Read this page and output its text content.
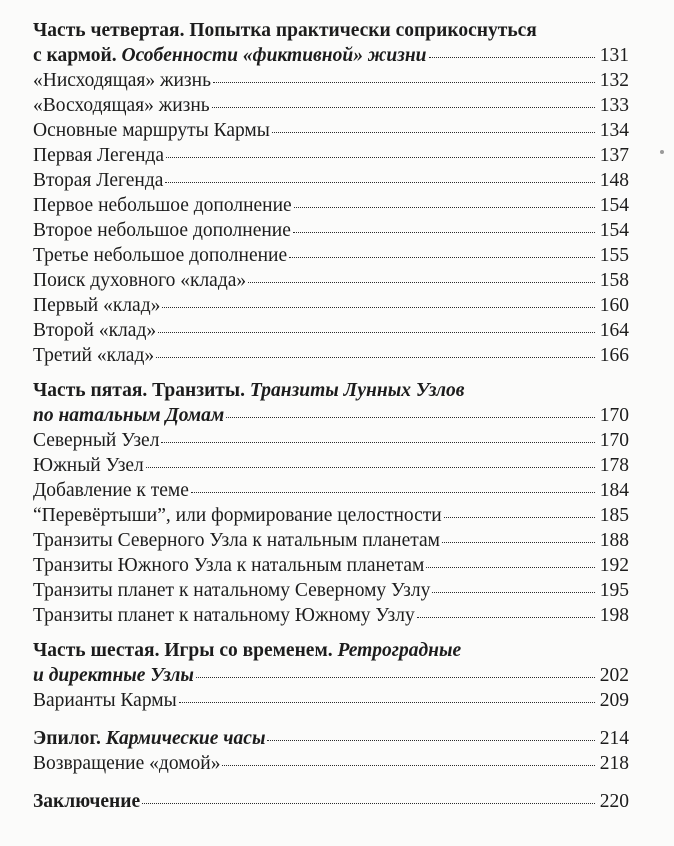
Часть четвертая. Попытка практически соприкоснуться
с кармой. Особенности «фиктивной» жизни	131
«Нисходящая» жизнь	132
«Восходящая» жизнь	133
Основные маршруты Кармы	134
Первая Легенда	137
Вторая Легенда	148
Первое небольшое дополнение	154
Второе небольшое дополнение	154
Третье небольшое дополнение	155
Поиск духовного «клада»	158
Первый «клад»	160
Второй «клад»	164
Третий «клад»	166
Часть пятая. Транзиты. Транзиты Лунных Узлов
по натальным Домам	170
Северный Узел	170
Южный Узел	178
Добавление к теме	184
“Перевёртыши”, или формирование целостности	185
Транзиты Северного Узла к натальным планетам	188
Транзиты Южного Узла к натальным планетам	192
Транзиты планет к натальному Северному Узлу	195
Транзиты планет к натальному Южному Узлу	198
Часть шестая. Игры со временем. Ретроградные
и директные Узлы	202
Варианты Кармы	209
Эпилог. Кармические часы	214
Возвращение «домой»	218
Заключение	220
